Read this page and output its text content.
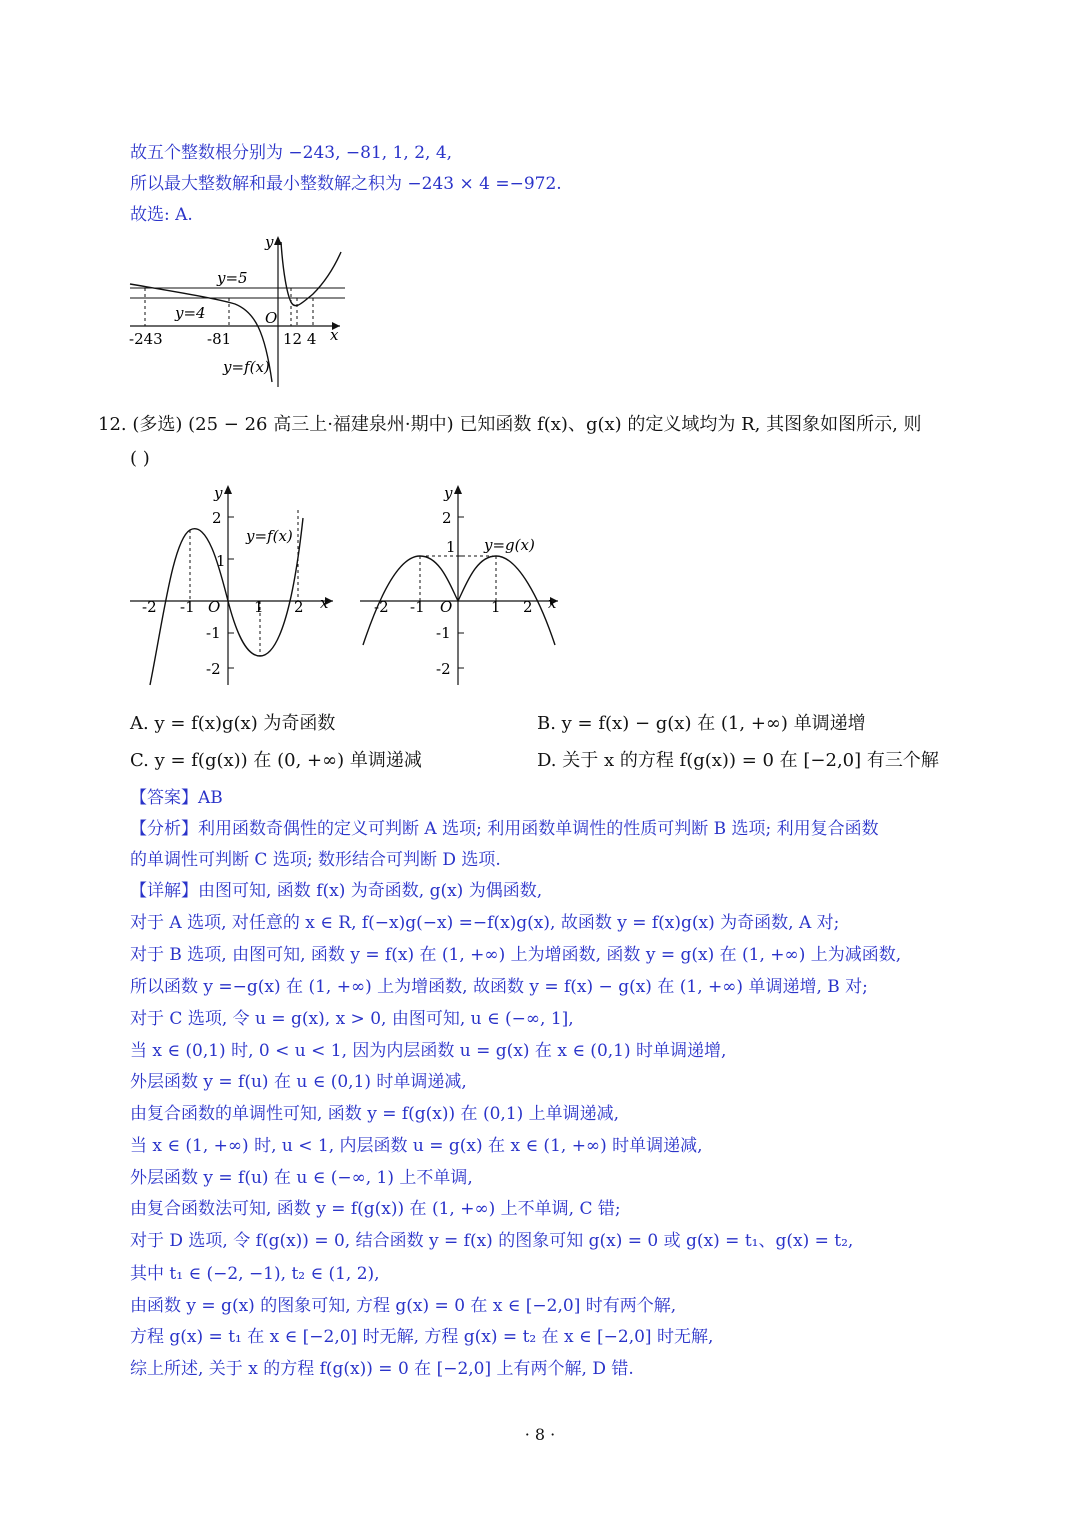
故五个整数根分别为 −243, −81, 1, 2, 4,
所以最大整数解和最小整数解之积为 −243 × 4 =−972.
故选: A.
y
x
y=5
y=4	O
-243	-81	12 4
y=f(x)
12. (多选) (25 − 26 高三上·福建泉州·期中) 已知函数 f(x)、g(x) 的定义域均为 R, 其图象如图所示, 则
( )
y
x
2
1
-1
-2
-2 -1	1 2
O
y=f(x)
y
x
2
1
-1
-2
-2 -1	1 2
O
y=g(x)
A. y = f(x)g(x) 为奇函数	B. y = f(x) − g(x) 在 (1, +∞) 单调递增
C. y = f(g(x)) 在 (0, +∞) 单调递减	D. 关于 x 的方程 f(g(x)) = 0 在 [−2,0] 有三个解
【答案】AB
【分析】利用函数奇偶性的定义可判断 A 选项; 利用函数单调性的性质可判断 B 选项; 利用复合函数
的单调性可判断 C 选项; 数形结合可判断 D 选项.
【详解】由图可知, 函数 f(x) 为奇函数, g(x) 为偶函数,
对于 A 选项, 对任意的 x ∈ R, f(−x)g(−x) =−f(x)g(x), 故函数 y = f(x)g(x) 为奇函数, A 对;
对于 B 选项, 由图可知, 函数 y = f(x) 在 (1, +∞) 上为增函数, 函数 y = g(x) 在 (1, +∞) 上为减函数,
所以函数 y =−g(x) 在 (1, +∞) 上为增函数, 故函数 y = f(x) − g(x) 在 (1, +∞) 单调递增, B 对;
对于 C 选项, 令 u = g(x), x > 0, 由图可知, u ∈ (−∞, 1],
当 x ∈ (0,1) 时, 0 < u < 1, 因为内层函数 u = g(x) 在 x ∈ (0,1) 时单调递增,
外层函数 y = f(u) 在 u ∈ (0,1) 时单调递减,
由复合函数的单调性可知, 函数 y = f(g(x)) 在 (0,1) 上单调递减,
当 x ∈ (1, +∞) 时, u < 1, 内层函数 u = g(x) 在 x ∈ (1, +∞) 时单调递减,
外层函数 y = f(u) 在 u ∈ (−∞, 1) 上不单调,
由复合函数法可知, 函数 y = f(g(x)) 在 (1, +∞) 上不单调, C 错;
对于 D 选项, 令 f(g(x)) = 0, 结合函数 y = f(x) 的图象可知 g(x) = 0 或 g(x) = t₁、g(x) = t₂,
其中 t₁ ∈ (−2, −1), t₂ ∈ (1, 2),
由函数 y = g(x) 的图象可知, 方程 g(x) = 0 在 x ∈ [−2,0] 时有两个解,
方程 g(x) = t₁ 在 x ∈ [−2,0] 时无解, 方程 g(x) = t₂ 在 x ∈ [−2,0] 时无解,
综上所述, 关于 x 的方程 f(g(x)) = 0 在 [−2,0] 上有两个解, D 错.
· 8 ·
